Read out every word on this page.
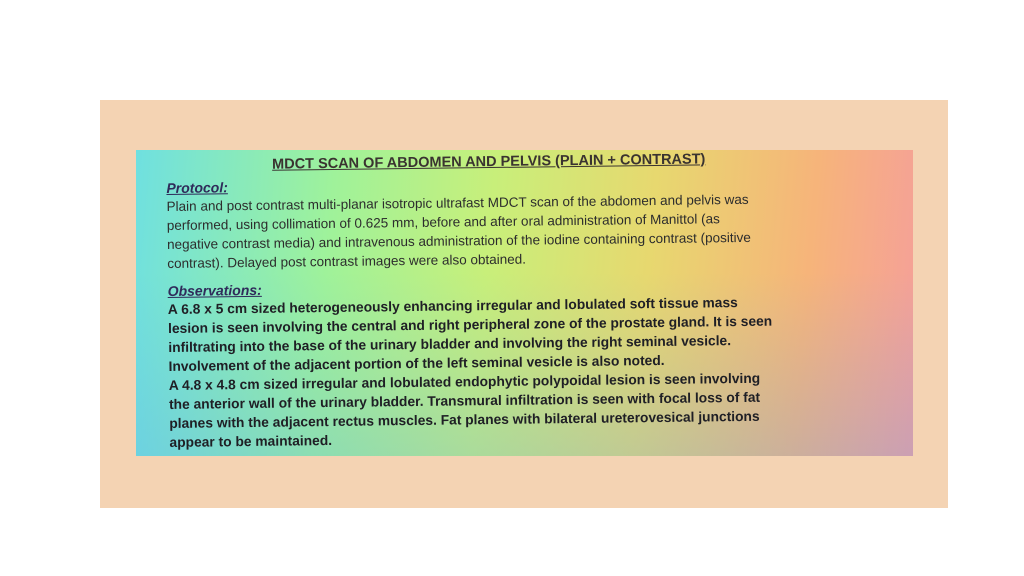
MDCT SCAN OF ABDOMEN AND PELVIS (PLAIN + CONTRAST)
Protocol:
Plain and post contrast multi-planar isotropic ultrafast MDCT scan of the abdomen and pelvis was
performed, using collimation of 0.625 mm, before and after oral administration of Manittol (as
negative contrast media) and intravenous administration of the iodine containing contrast (positive
contrast). Delayed post contrast images were also obtained.
Observations:
A 6.8 x 5 cm sized heterogeneously enhancing irregular and lobulated soft tissue mass
lesion is seen involving the central and right peripheral zone of the prostate gland. It is seen
infiltrating into the base of the urinary bladder and involving the right seminal vesicle.
Involvement of the adjacent portion of the left seminal vesicle is also noted.
A 4.8 x 4.8 cm sized irregular and lobulated endophytic polypoidal lesion is seen involving
the anterior wall of the urinary bladder. Transmural infiltration is seen with focal loss of fat
planes with the adjacent rectus muscles. Fat planes with bilateral ureterovesical junctions
appear to be maintained.
